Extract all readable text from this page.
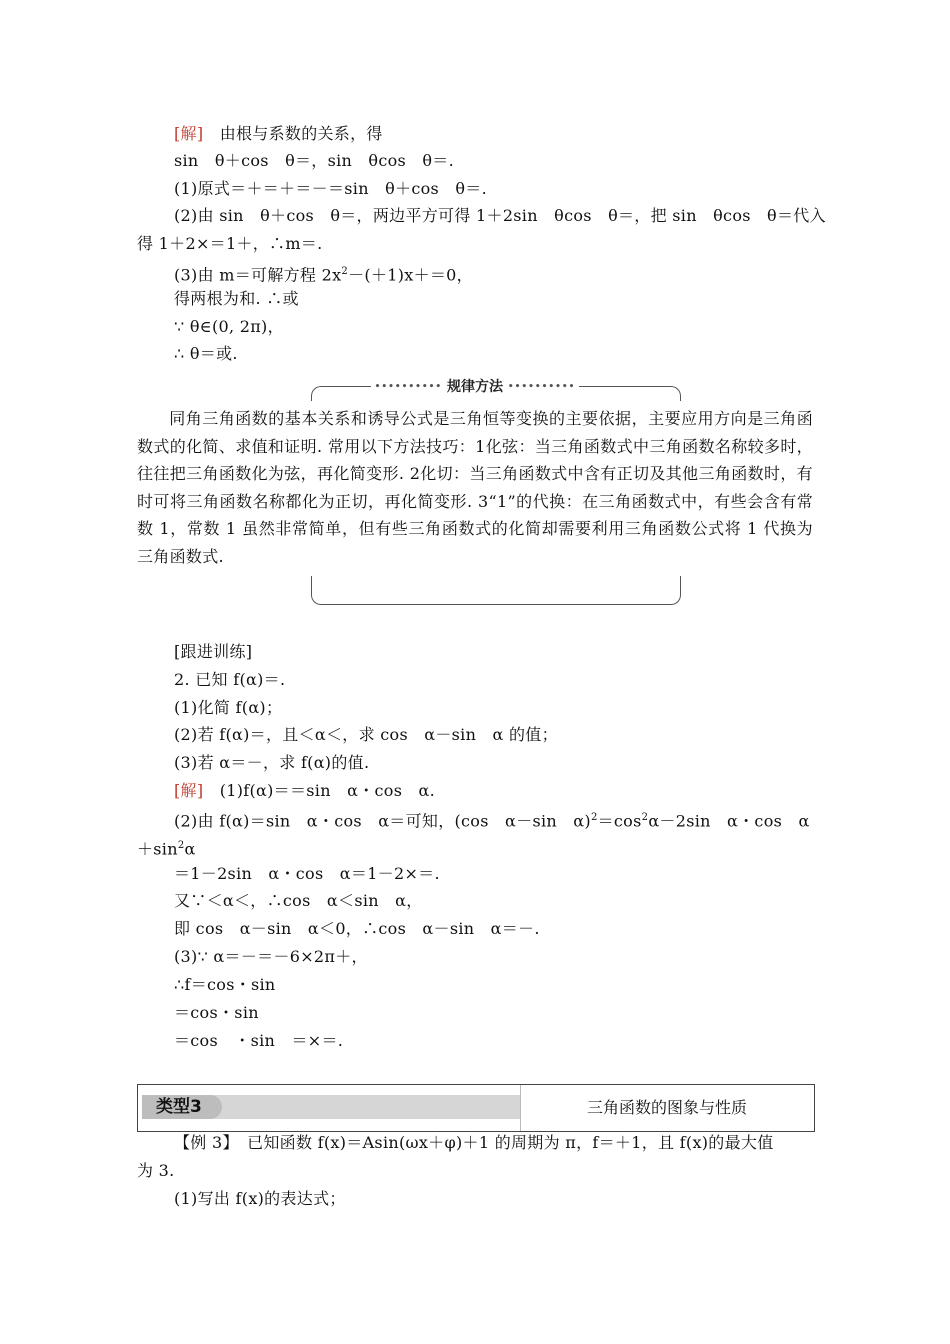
[解]　 由根与系数的关系，得
sin　θ＋cos　θ＝，sin　θcos　θ＝.
(1)原式＝＋＝＋＝－＝sin　θ＋cos　θ＝.
(2)由 sin　θ＋cos　θ＝，两边平方可得 1＋2sin　θcos　θ＝，把 sin　θcos　θ＝代入
得 1＋2×＝1＋，∴m＝.
(3)由 m＝可解方程 $2x^2-(+1)x+=0$，
得两根为和. ∴或
∵ θ∈(0, 2π)，
∴ θ＝或.
•••••••••• 规律方法 ••••••••••
同角三角函数的基本关系和诱导公式是三角恒等变换的主要依据，主要应用方向是三角函数式的化简、求值和证明. 常用以下方法技巧：1化弦：当三角函数式中三角函数名称较多时，往往把三角函数化为弦，再化简变形. 2化切：当三角函数式中含有正切及其他三角函数时，有时可将三角函数名称都化为正切，再化简变形. 3“1”的代换：在三角函数式中，有些会含有常数 1，常数 1 虽然非常简单，但有些三角函数式的化简却需要利用三角函数公式将 1 代换为三角函数式.
[跟进训练]
2. 已知 f(α)＝.
(1)化简 f(α)；
(2)若 f(α)＝，且＜α＜，求 cos　α－sin　α 的值；
(3)若 α＝－，求 f(α)的值.
[解]　 (1)f(α)＝＝sin　α・cos　α.
(2)由 f(α)＝sin　α・cos　α＝可知，(cos　α－sin　$\alpha)^2=\cos^2\alpha-2\sin$　α・cos　α
$+\sin^2\alpha$
＝1－2sin　α・cos　α＝1－2×＝.
又∵＜α＜，∴cos　α＜sin　α，
即 cos　α－sin　α＜0，∴cos　α－sin　α＝－.
(3)∵ α＝－＝－6×2π＋，
∴f＝cos・sin
＝cos・sin
＝cos　・sin　＝×＝.
类型3	三角函数的图象与性质
【例 3】　已知函数 f(x)＝Asin(ωx＋φ)＋1 的周期为 π，f＝＋1，且 f(x)的最大值
为 3.
(1)写出 f(x)的表达式；
